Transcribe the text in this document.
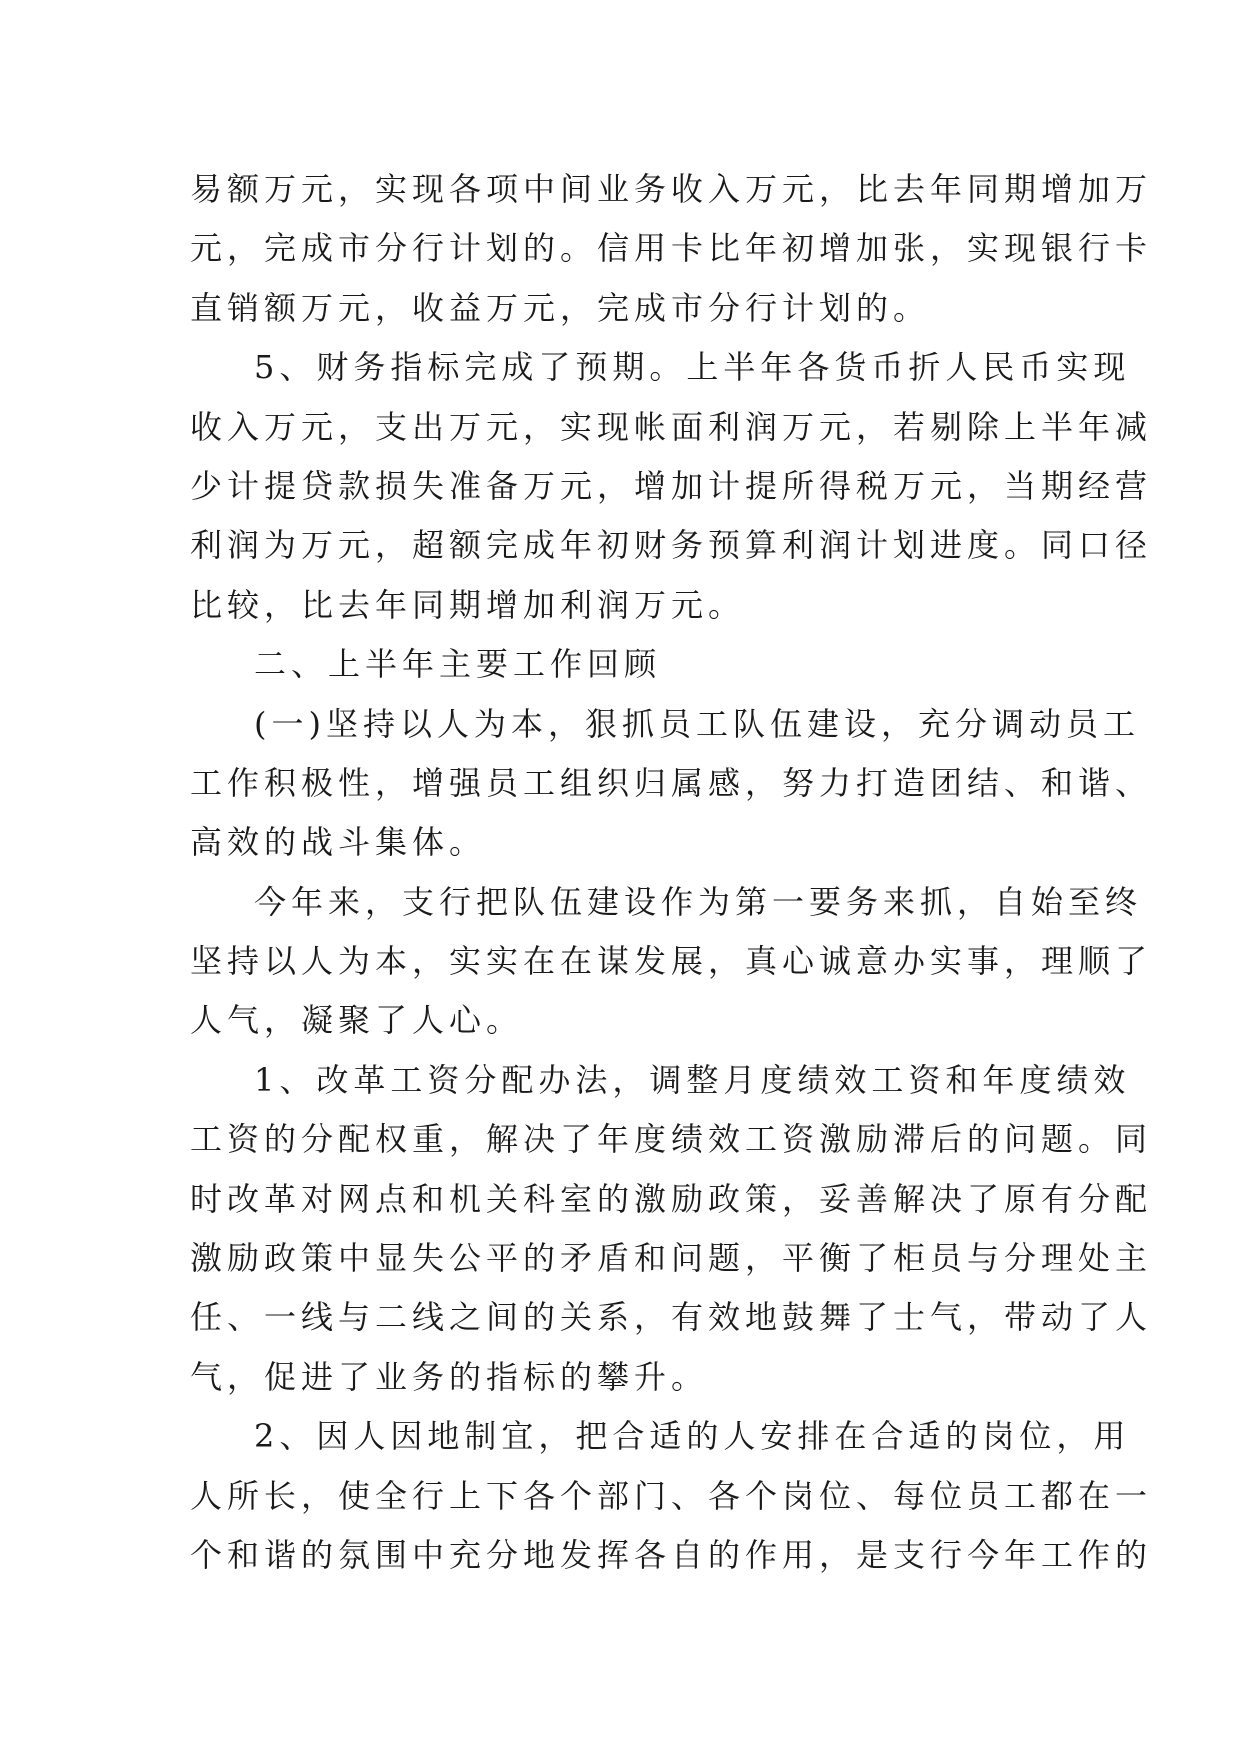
易额万元，实现各项中间业务收入万元，比去年同期增加万
元，完成市分行计划的。信用卡比年初增加张，实现银行卡
直销额万元，收益万元，完成市分行计划的。
5、财务指标完成了预期。上半年各货币折人民币实现
收入万元，支出万元，实现帐面利润万元，若剔除上半年减
少计提贷款损失准备万元，增加计提所得税万元，当期经营
利润为万元，超额完成年初财务预算利润计划进度。同口径
比较，比去年同期增加利润万元。
二、上半年主要工作回顾
(一)坚持以人为本，狠抓员工队伍建设，充分调动员工
工作积极性，增强员工组织归属感，努力打造团结、和谐、
高效的战斗集体。
今年来，支行把队伍建设作为第一要务来抓，自始至终
坚持以人为本，实实在在谋发展，真心诚意办实事，理顺了
人气，凝聚了人心。
1、改革工资分配办法，调整月度绩效工资和年度绩效
工资的分配权重，解决了年度绩效工资激励滞后的问题。同
时改革对网点和机关科室的激励政策，妥善解决了原有分配
激励政策中显失公平的矛盾和问题，平衡了柜员与分理处主
任、一线与二线之间的关系，有效地鼓舞了士气，带动了人
气，促进了业务的指标的攀升。
2、因人因地制宜，把合适的人安排在合适的岗位，用
人所长，使全行上下各个部门、各个岗位、每位员工都在一
个和谐的氛围中充分地发挥各自的作用，是支行今年工作的
